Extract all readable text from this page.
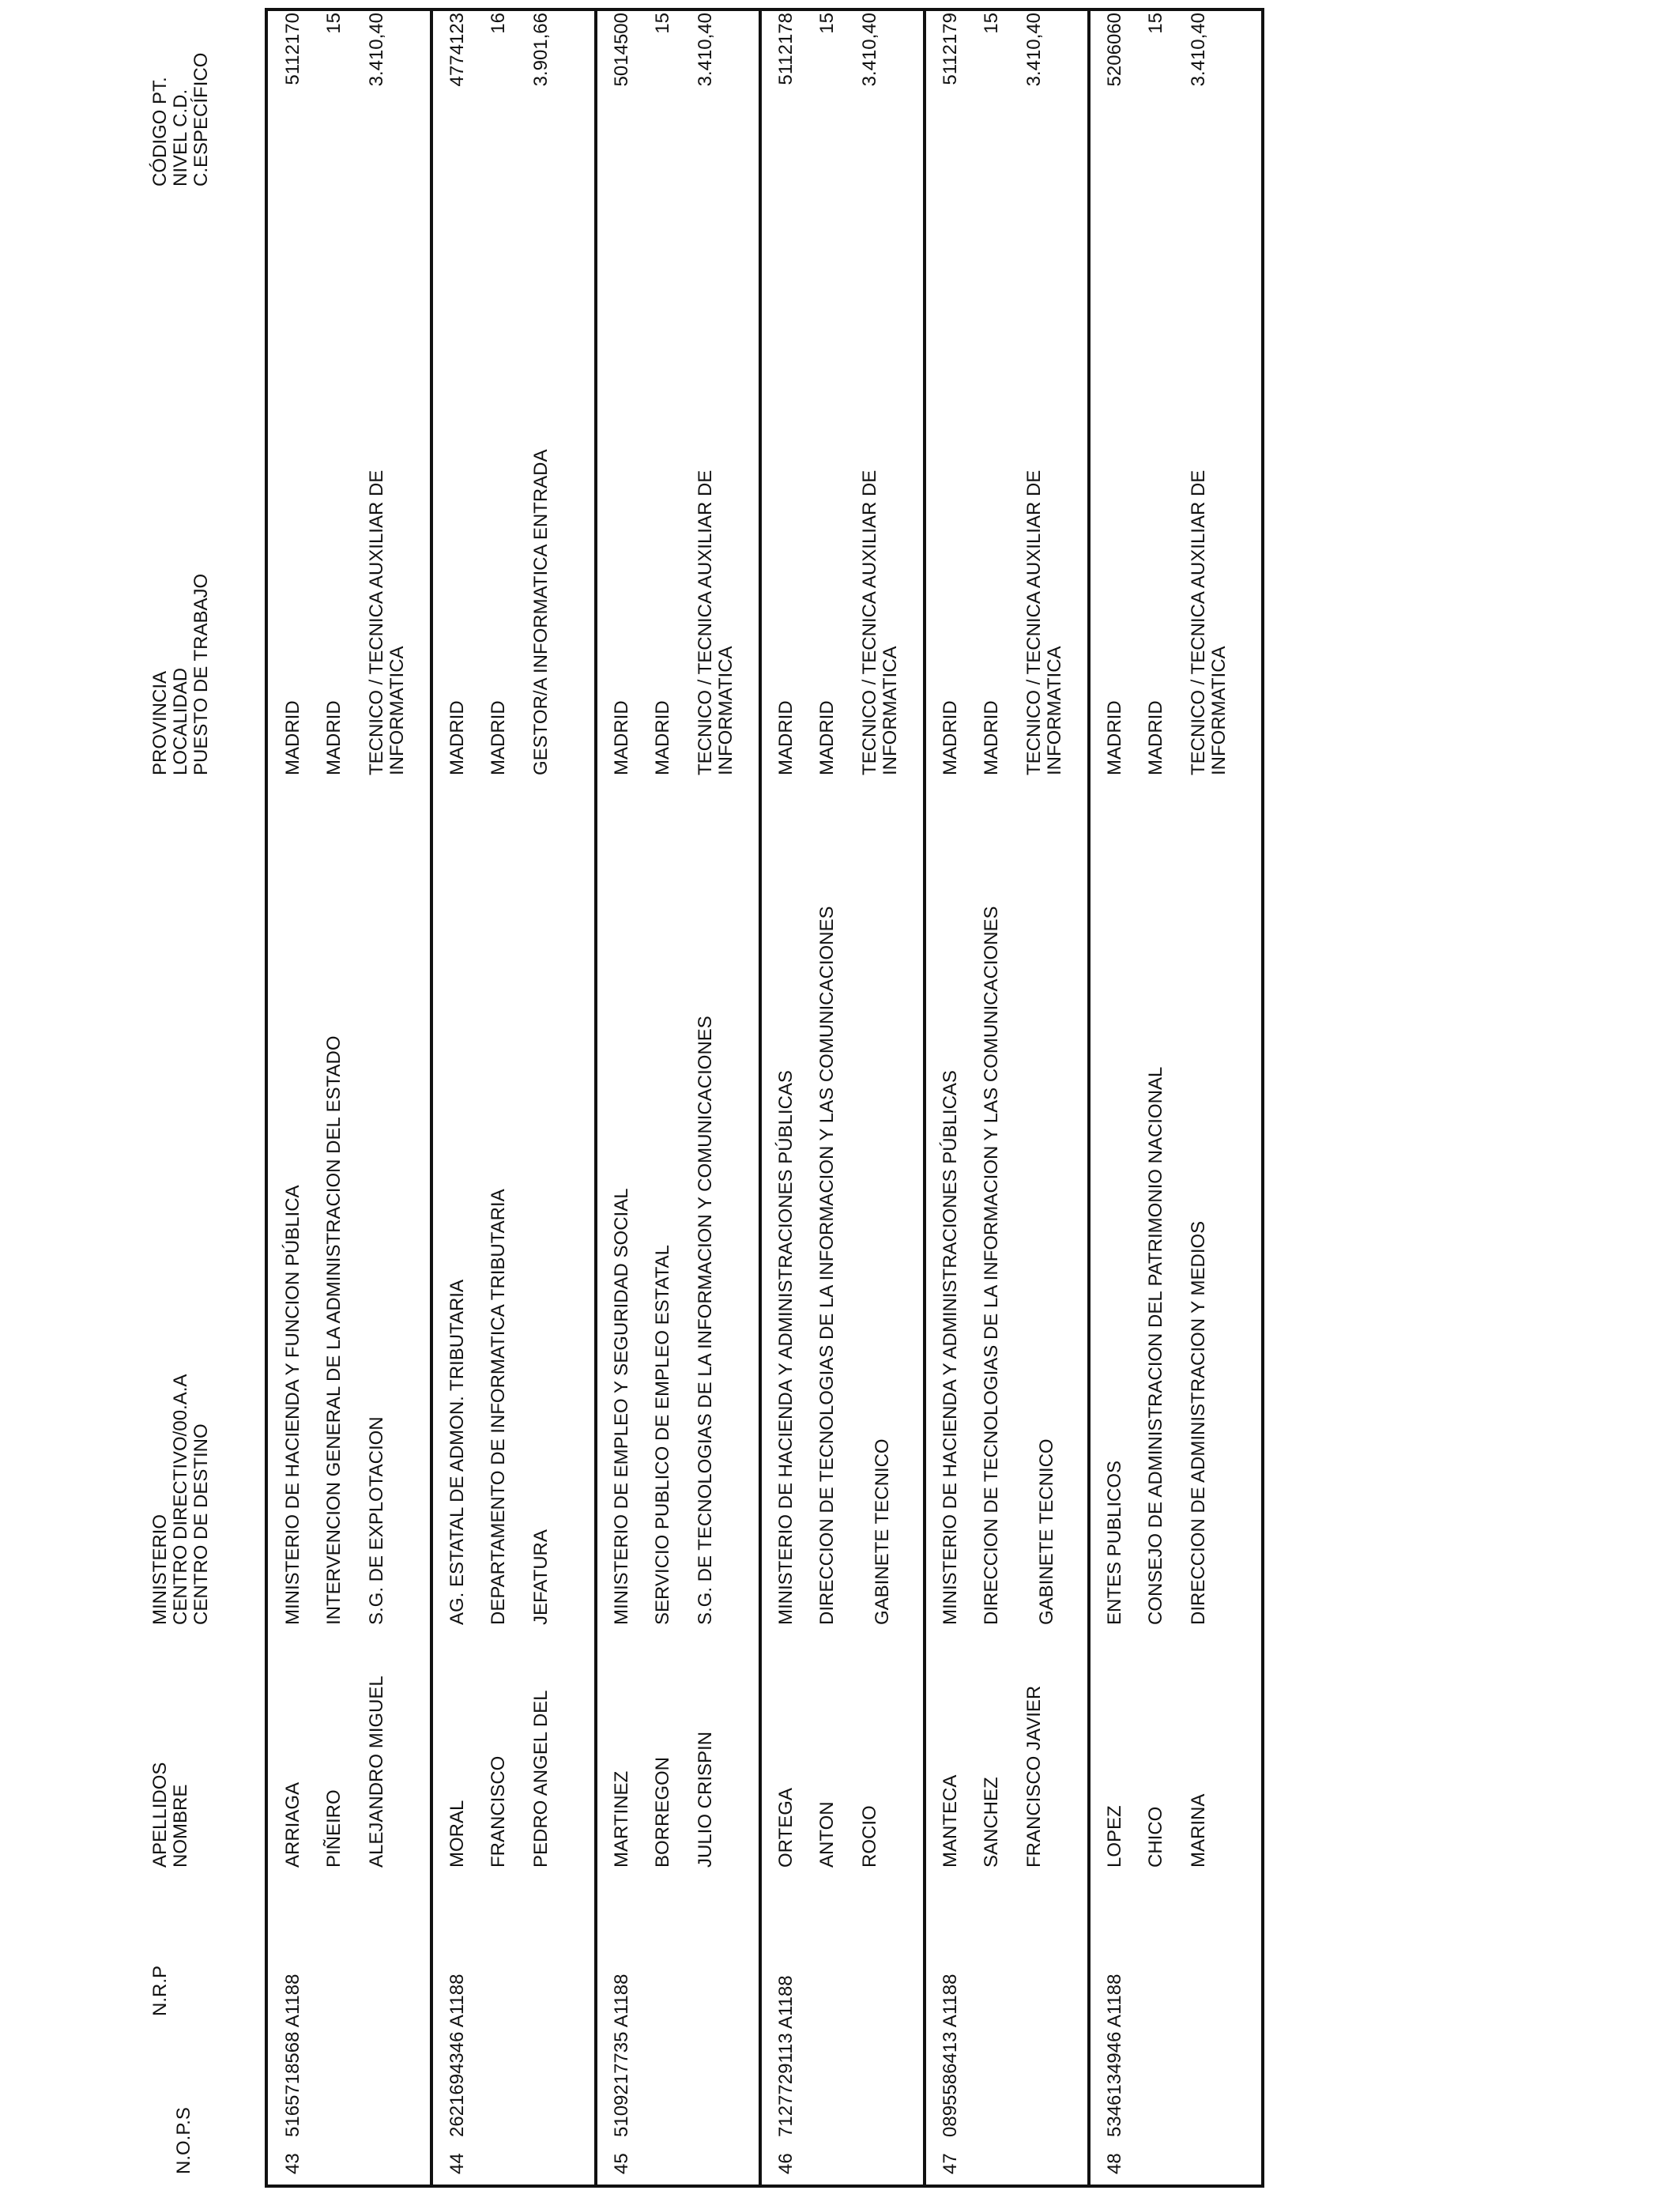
N.O.P.S
N.R.P
APELLIDOS NOMBRE
MINISTERIO CENTRO DIRECTIVO/00.A.A CENTRO DE DESTINO
PROVINCIA LOCALIDAD PUESTO DE TRABAJO
CÓDIGO PT. NIVEL C.D. C.ESPECÍFICO
43
5165718568 A1188
ARRIAGA PIÑEIRO ALEJANDRO MIGUEL
MINISTERIO DE HACIENDA Y FUNCION PÚBLICA INTERVENCION GENERAL DE LA ADMINISTRACION DEL ESTADO S.G. DE EXPLOTACION
MADRID MADRID TECNICO / TECNICA AUXILIAR DE INFORMATICA
5112170 15 3.410,40
44
2621694346 A1188
MORAL FRANCISCO PEDRO ANGEL DEL
AG. ESTATAL DE ADMON. TRIBUTARIA DEPARTAMENTO DE INFORMATICA TRIBUTARIA JEFATURA
MADRID MADRID GESTOR/A INFORMATICA ENTRADA
4774123 16 3.901,66
45
5109217735 A1188
MARTINEZ BORREGON JULIO CRISPIN
MINISTERIO DE EMPLEO Y SEGURIDAD SOCIAL SERVICIO PUBLICO DE EMPLEO ESTATAL S.G. DE TECNOLOGIAS DE LA INFORMACION Y COMUNICACIONES
MADRID MADRID TECNICO / TECNICA AUXILIAR DE INFORMATICA
5014500 15 3.410,40
46
7127729113 A1188
ORTEGA ANTON ROCIO
MINISTERIO DE HACIENDA Y ADMINISTRACIONES PÚBLICAS DIRECCION DE TECNOLOGIAS DE LA INFORMACION Y LAS COMUNICACIONES GABINETE TECNICO
MADRID MADRID TECNICO / TECNICA AUXILIAR DE INFORMATICA
5112178 15 3.410,40
47
0895586413 A1188
MANTECA SANCHEZ FRANCISCO JAVIER
MINISTERIO DE HACIENDA Y ADMINISTRACIONES PÚBLICAS DIRECCION DE TECNOLOGIAS DE LA INFORMACION Y LAS COMUNICACIONES GABINETE TECNICO
MADRID MADRID TECNICO / TECNICA AUXILIAR DE INFORMATICA
5112179 15 3.410,40
48
5346134946 A1188
LOPEZ CHICO MARINA
ENTES PUBLICOS CONSEJO DE ADMINISTRACION DEL PATRIMONIO NACIONAL DIRECCION DE ADMINISTRACION Y MEDIOS
MADRID MADRID TECNICO / TECNICA AUXILIAR DE INFORMATICA
5206060 15 3.410,40
